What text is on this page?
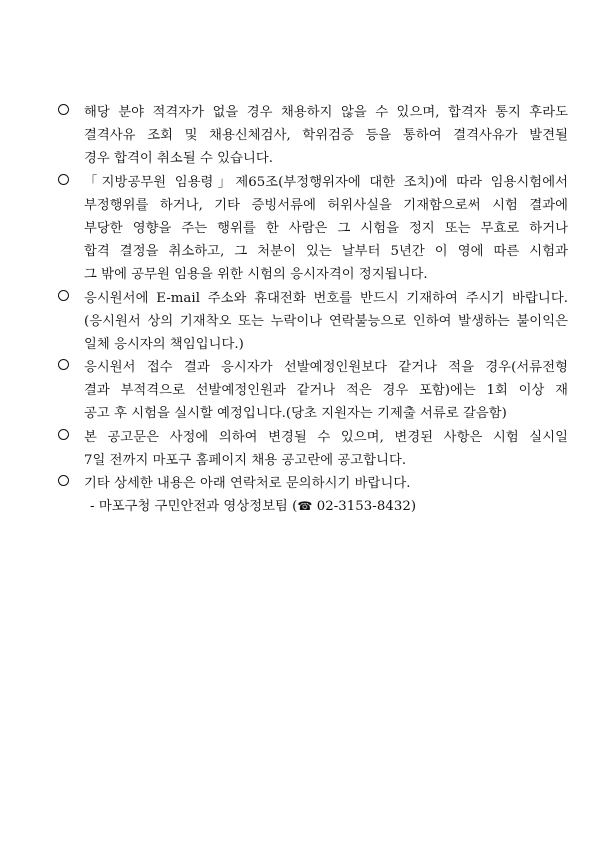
해당 분야 적격자가 없을 경우 채용하지 않을 수 있으며, 합격자 통지 후라도
결격사유 조회 및 채용신체검사, 학위검증 등을 통하여 결격사유가 발견될
경우 합격이 취소될 수 있습니다.
「지방공무원 임용령」제65조(부정행위자에 대한 조치)에 따라 임용시험에서
부정행위를 하거나, 기타 증빙서류에 허위사실을 기재함으로써 시험 결과에
부당한 영향을 주는 행위를 한 사람은 그 시험을 정지 또는 무효로 하거나
합격 결정을 취소하고, 그 처분이 있는 날부터 5년간 이 영에 따른 시험과
그 밖에 공무원 임용을 위한 시험의 응시자격이 정지됩니다.
응시원서에 E-mail 주소와 휴대전화 번호를 반드시 기재하여 주시기 바랍니다.
(응시원서 상의 기재착오 또는 누락이나 연락불능으로 인하여 발생하는 불이익은
일체 응시자의 책임입니다.)
응시원서 접수 결과 응시자가 선발예정인원보다 같거나 적을 경우(서류전형
결과 부적격으로 선발예정인원과 같거나 적은 경우 포함)에는 1회 이상 재
공고 후 시험을 실시할 예정입니다.(당초 지원자는 기제출 서류로 갈음함)
본 공고문은 사정에 의하여 변경될 수 있으며, 변경된 사항은 시험 실시일
7일 전까지 마포구 홈페이지 채용 공고란에 공고합니다.
기타 상세한 내용은 아래 연락처로 문의하시기 바랍니다.
- 마포구청 구민안전과 영상정보팀 (☎ 02-3153-8432)
